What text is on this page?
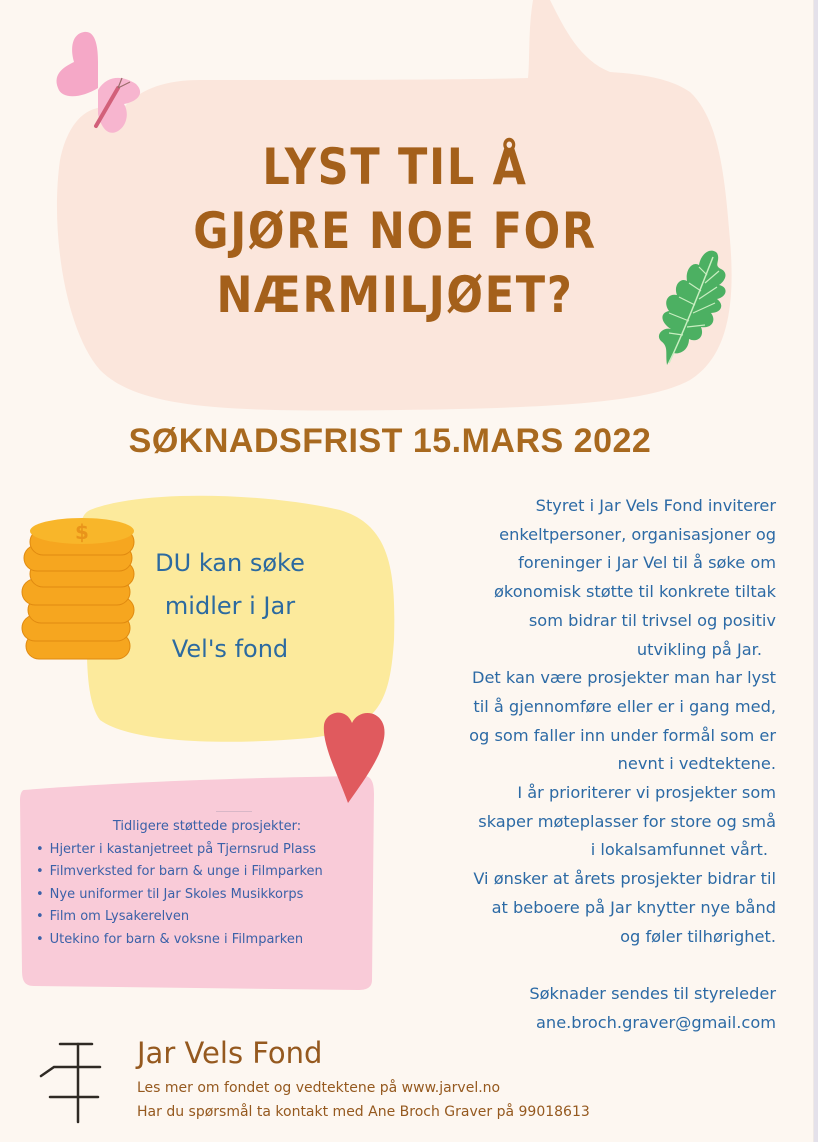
LYST TIL Å
GJØRE NOE FOR
NÆRMILJØET?
SØKNADSFRIST 15.MARS 2022
$
DU kan søke
midler i Jar
Vel's fond
Tidligere støttede prosjekter:
• Hjerter i kastanjetreet på Tjernsrud Plass
• Filmverksted for barn & unge i Filmparken
• Nye uniformer til Jar Skoles Musikkorps
• Film om Lysakerelven
• Utekino for barn & voksne i Filmparken
Styret i Jar Vels Fond inviterer
enkeltpersoner, organisasjoner og
foreninger i Jar Vel til å søke om
økonomisk støtte til konkrete tiltak
som bidrar til trivsel og positiv
utvikling på Jar.
Det kan være prosjekter man har lyst
til å gjennomføre eller er i gang med,
og som faller inn under formål som er
nevnt i vedtektene.
I år prioriterer vi prosjekter som
skaper møteplasser for store og små
i lokalsamfunnet vårt.
Vi ønsker at årets prosjekter bidrar til
at beboere på Jar knytter nye bånd
og føler tilhørighet.
Søknader sendes til styreleder
ane.broch.graver@gmail.com
Jar Vels Fond
Les mer om fondet og vedtektene på www.jarvel.no
Har du spørsmål ta kontakt med Ane Broch Graver på 99018613
